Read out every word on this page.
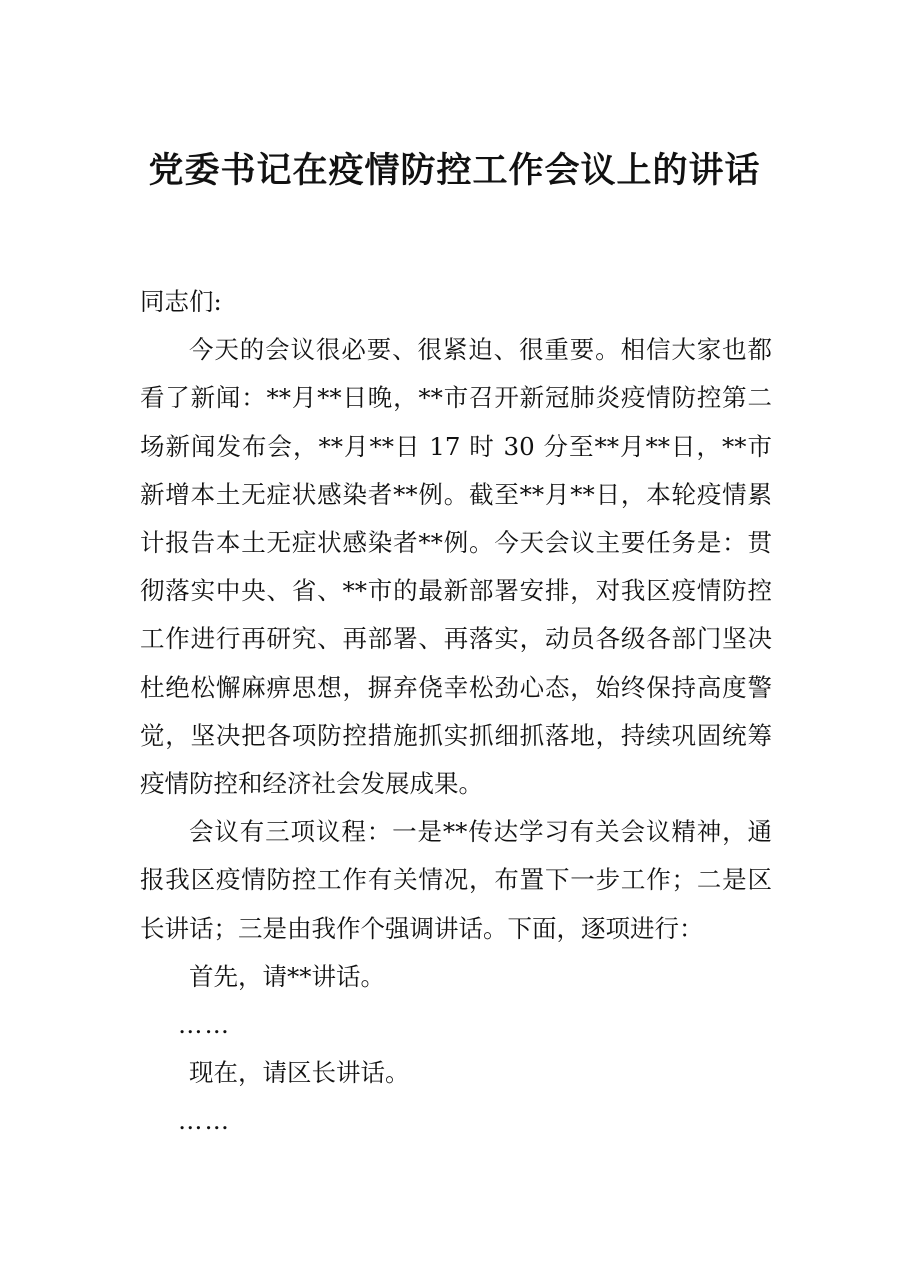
党委书记在疫情防控工作会议上的讲话

同志们:

今天的会议很必要、很紧迫、很重要。相信大家也都看了新闻：**月**日晚，**市召开新冠肺炎疫情防控第二场新闻发布会，**月**日 17 时 30 分至**月**日，**市新增本土无症状感染者**例。截至**月**日，本轮疫情累计报告本土无症状感染者**例。今天会议主要任务是：贯彻落实中央、省、**市的最新部署安排，对我区疫情防控工作进行再研究、再部署、再落实，动员各级各部门坚决杜绝松懈麻痹思想，摒弃侥幸松劲心态，始终保持高度警觉，坚决把各项防控措施抓实抓细抓落地，持续巩固统筹疫情防控和经济社会发展成果。

会议有三项议程：一是**传达学习有关会议精神，通报我区疫情防控工作有关情况，布置下一步工作；二是区长讲话；三是由我作个强调讲话。下面，逐项进行：

首先，请**讲话。

……

现在，请区长讲话。

……
